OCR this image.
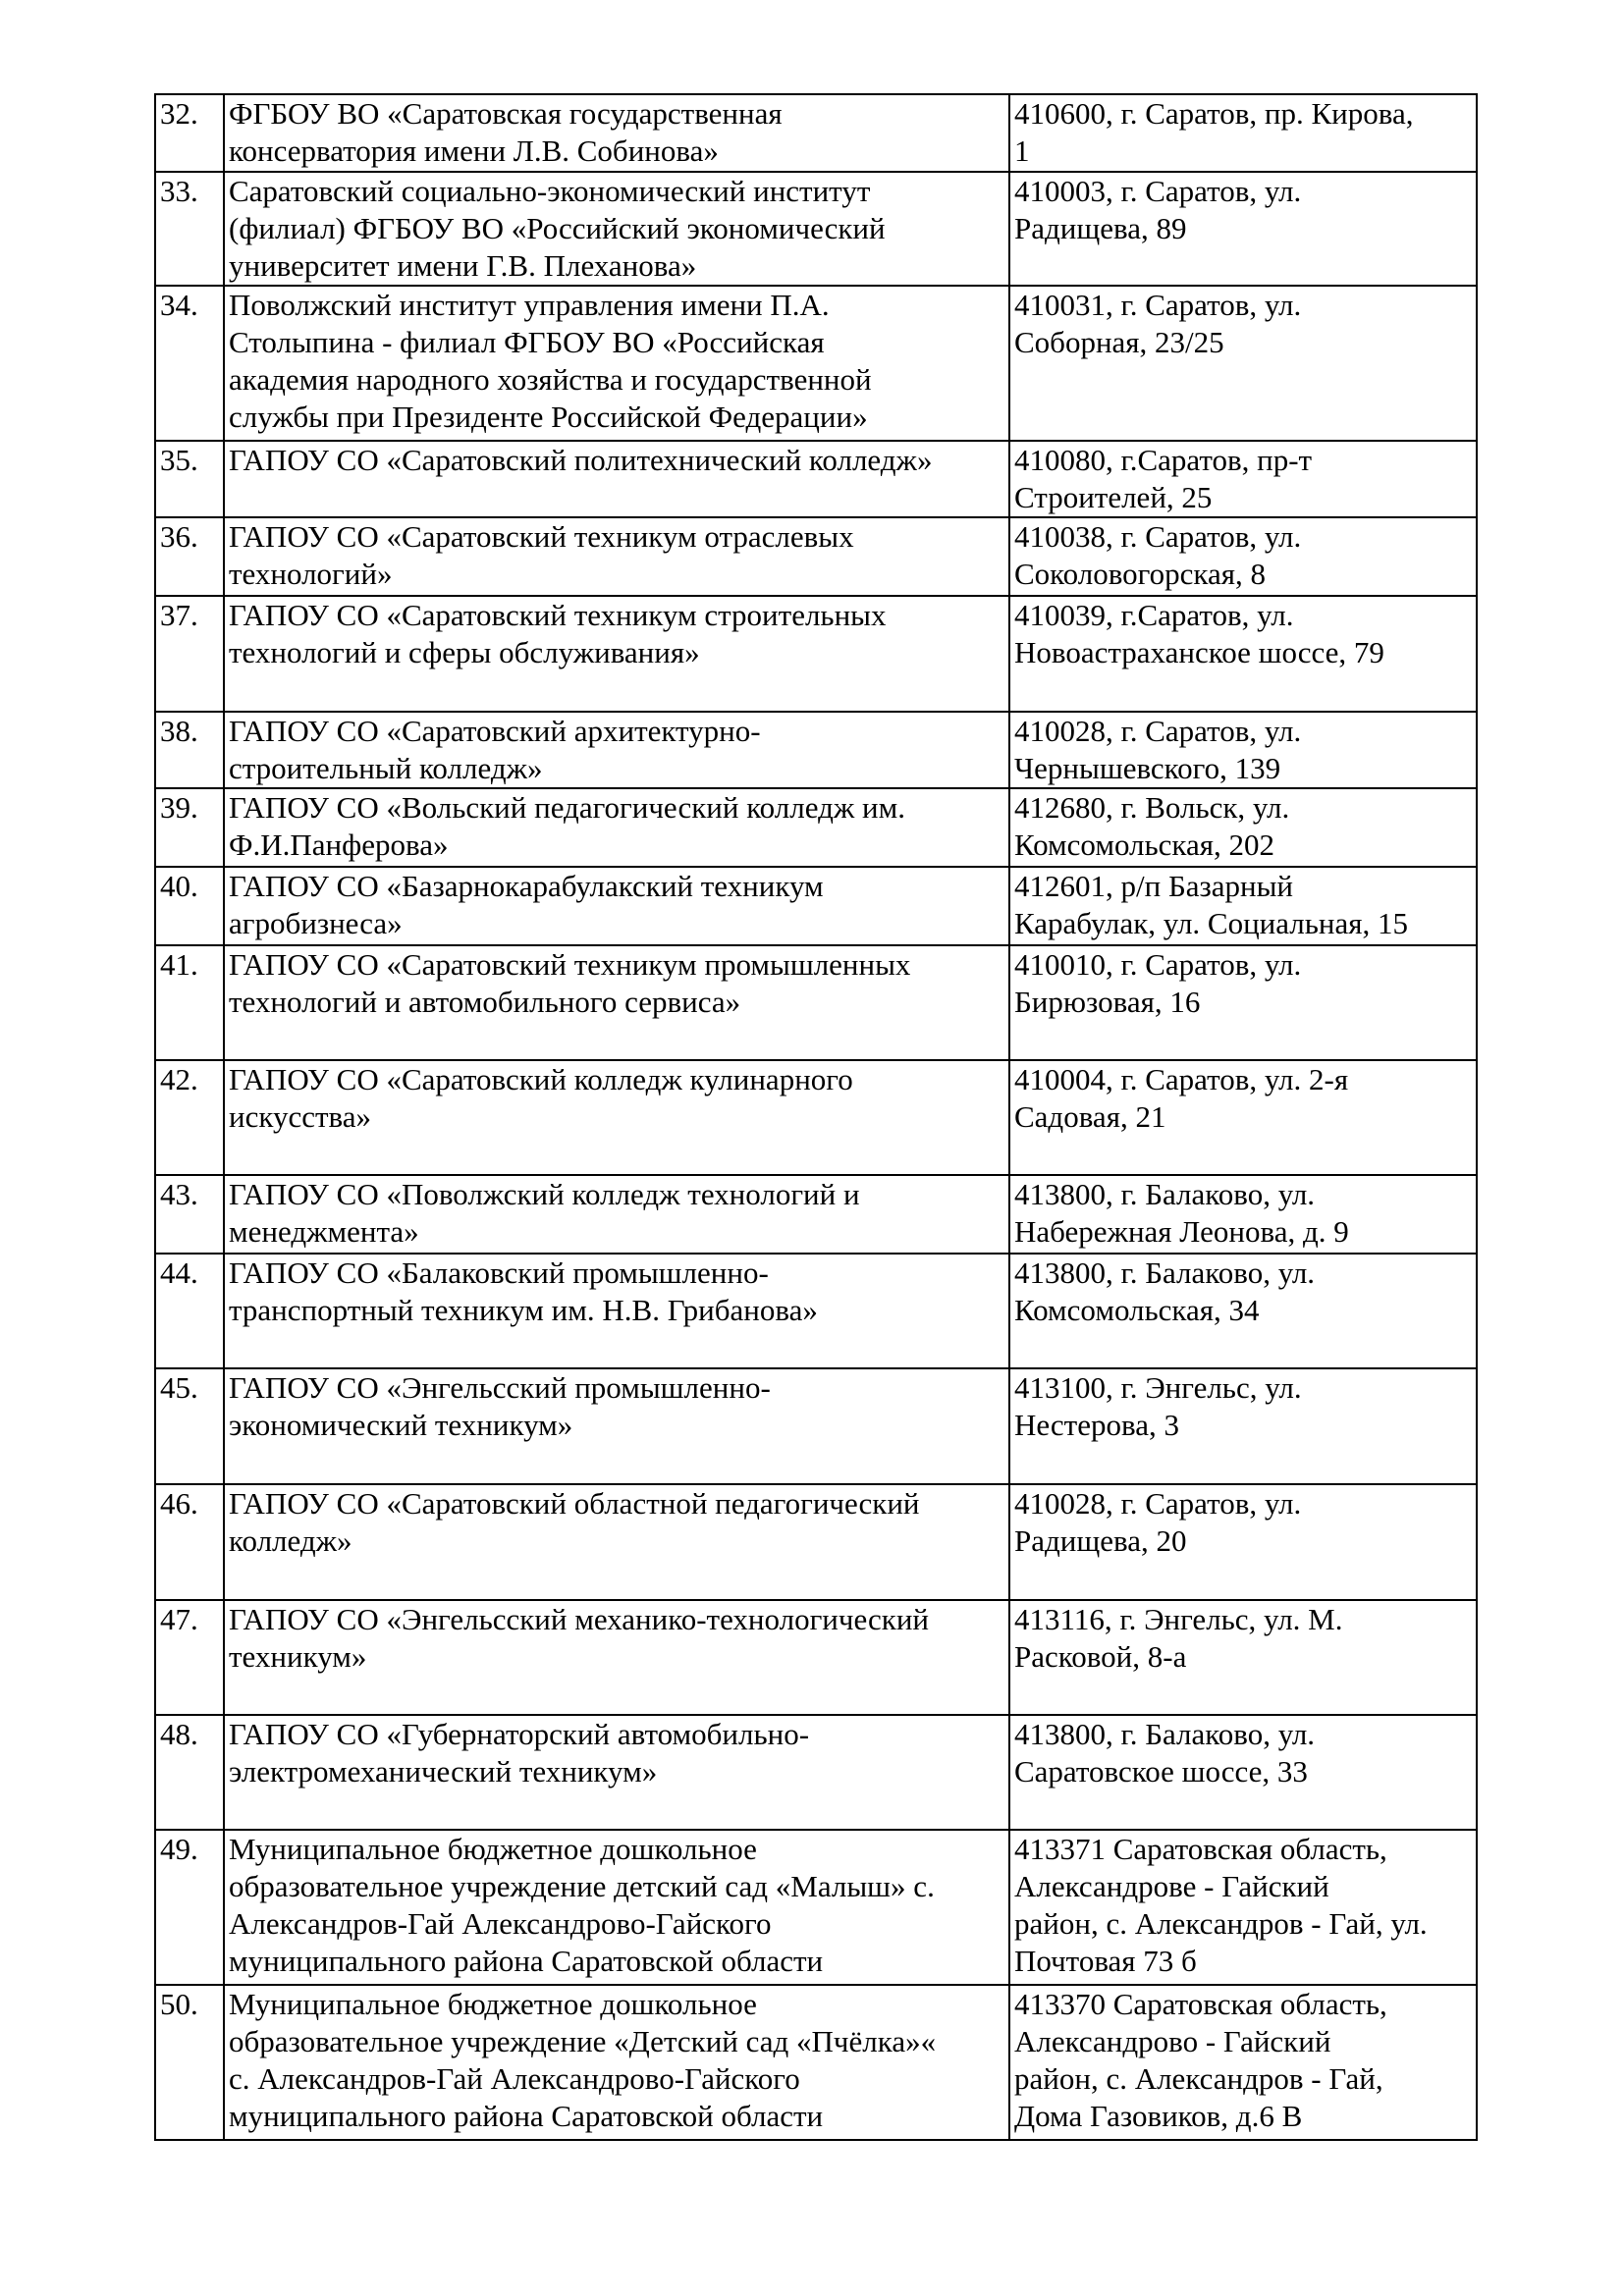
32.	ФГБОУ ВО «Саратовская государственная
консерватория имени Л.В. Собинова»	410600, г. Саратов, пр. Кирова,
1
33.	Саратовский социально-экономический институт
(филиал) ФГБОУ ВО «Российский экономический
университет имени Г.В. Плеханова»	410003, г. Саратов, ул.
Радищева, 89
34.	Поволжский институт управления имени П.А.
Столыпина - филиал ФГБОУ ВО «Российская
академия народного хозяйства и государственной
службы при Президенте Российской Федерации»	410031, г. Саратов, ул.
Соборная, 23/25
35.	ГАПОУ СО «Саратовский политехнический колледж»	410080, г.Саратов, пр-т
Строителей, 25
36.	ГАПОУ СО «Саратовский техникум отраслевых
технологий»	410038, г. Саратов, ул.
Соколовогорская, 8
37.	ГАПОУ СО «Саратовский техникум строительных
технологий и сферы обслуживания»	410039, г.Саратов, ул.
Новоастраханское шоссе, 79
38.	ГАПОУ СО «Саратовский архитектурно-
строительный колледж»	410028, г. Саратов, ул.
Чернышевского, 139
39.	ГАПОУ СО «Вольский педагогический колледж им.
Ф.И.Панферова»	412680, г. Вольск, ул.
Комсомольская, 202
40.	ГАПОУ СО «Базарнокарабулакский техникум
агробизнеса»	412601, р/п Базарный
Карабулак, ул. Социальная, 15
41.	ГАПОУ СО «Саратовский техникум промышленных
технологий и автомобильного сервиса»	410010, г. Саратов, ул.
Бирюзовая, 16
42.	ГАПОУ СО «Саратовский колледж кулинарного
искусства»	410004, г. Саратов, ул. 2-я
Садовая, 21
43.	ГАПОУ СО «Поволжский колледж технологий и
менеджмента»	413800, г. Балаково, ул.
Набережная Леонова, д. 9
44.	ГАПОУ СО «Балаковский промышленно-
транспортный техникум им. Н.В. Грибанова»	413800, г. Балаково, ул.
Комсомольская, 34
45.	ГАПОУ СО «Энгельсский промышленно-
экономический техникум»	413100, г. Энгельс, ул.
Нестерова, 3
46.	ГАПОУ СО «Саратовский областной педагогический
колледж»	410028, г. Саратов, ул.
Радищева, 20
47.	ГАПОУ СО «Энгельсский механико-технологический
техникум»	413116, г. Энгельс, ул. М.
Расковой, 8-а
48.	ГАПОУ СО «Губернаторский автомобильно-
электромеханический техникум»	413800, г. Балаково, ул.
Саратовское шоссе, 33
49.	Муниципальное бюджетное дошкольное
образовательное учреждение детский сад «Малыш» с.
Александров-Гай Александрово-Гайского
муниципального района Саратовской области	413371 Саратовская область,
Александрове - Гайский
район, с. Александров - Гай, ул.
Почтовая 73 б
50.	Муниципальное бюджетное дошкольное
образовательное учреждение «Детский сад «Пчёлка»«
с. Александров-Гай Александрово-Гайского
муниципального района Саратовской области	413370 Саратовская область,
Александрово - Гайский
район, с. Александров - Гай,
Дома Газовиков, д.6 В
